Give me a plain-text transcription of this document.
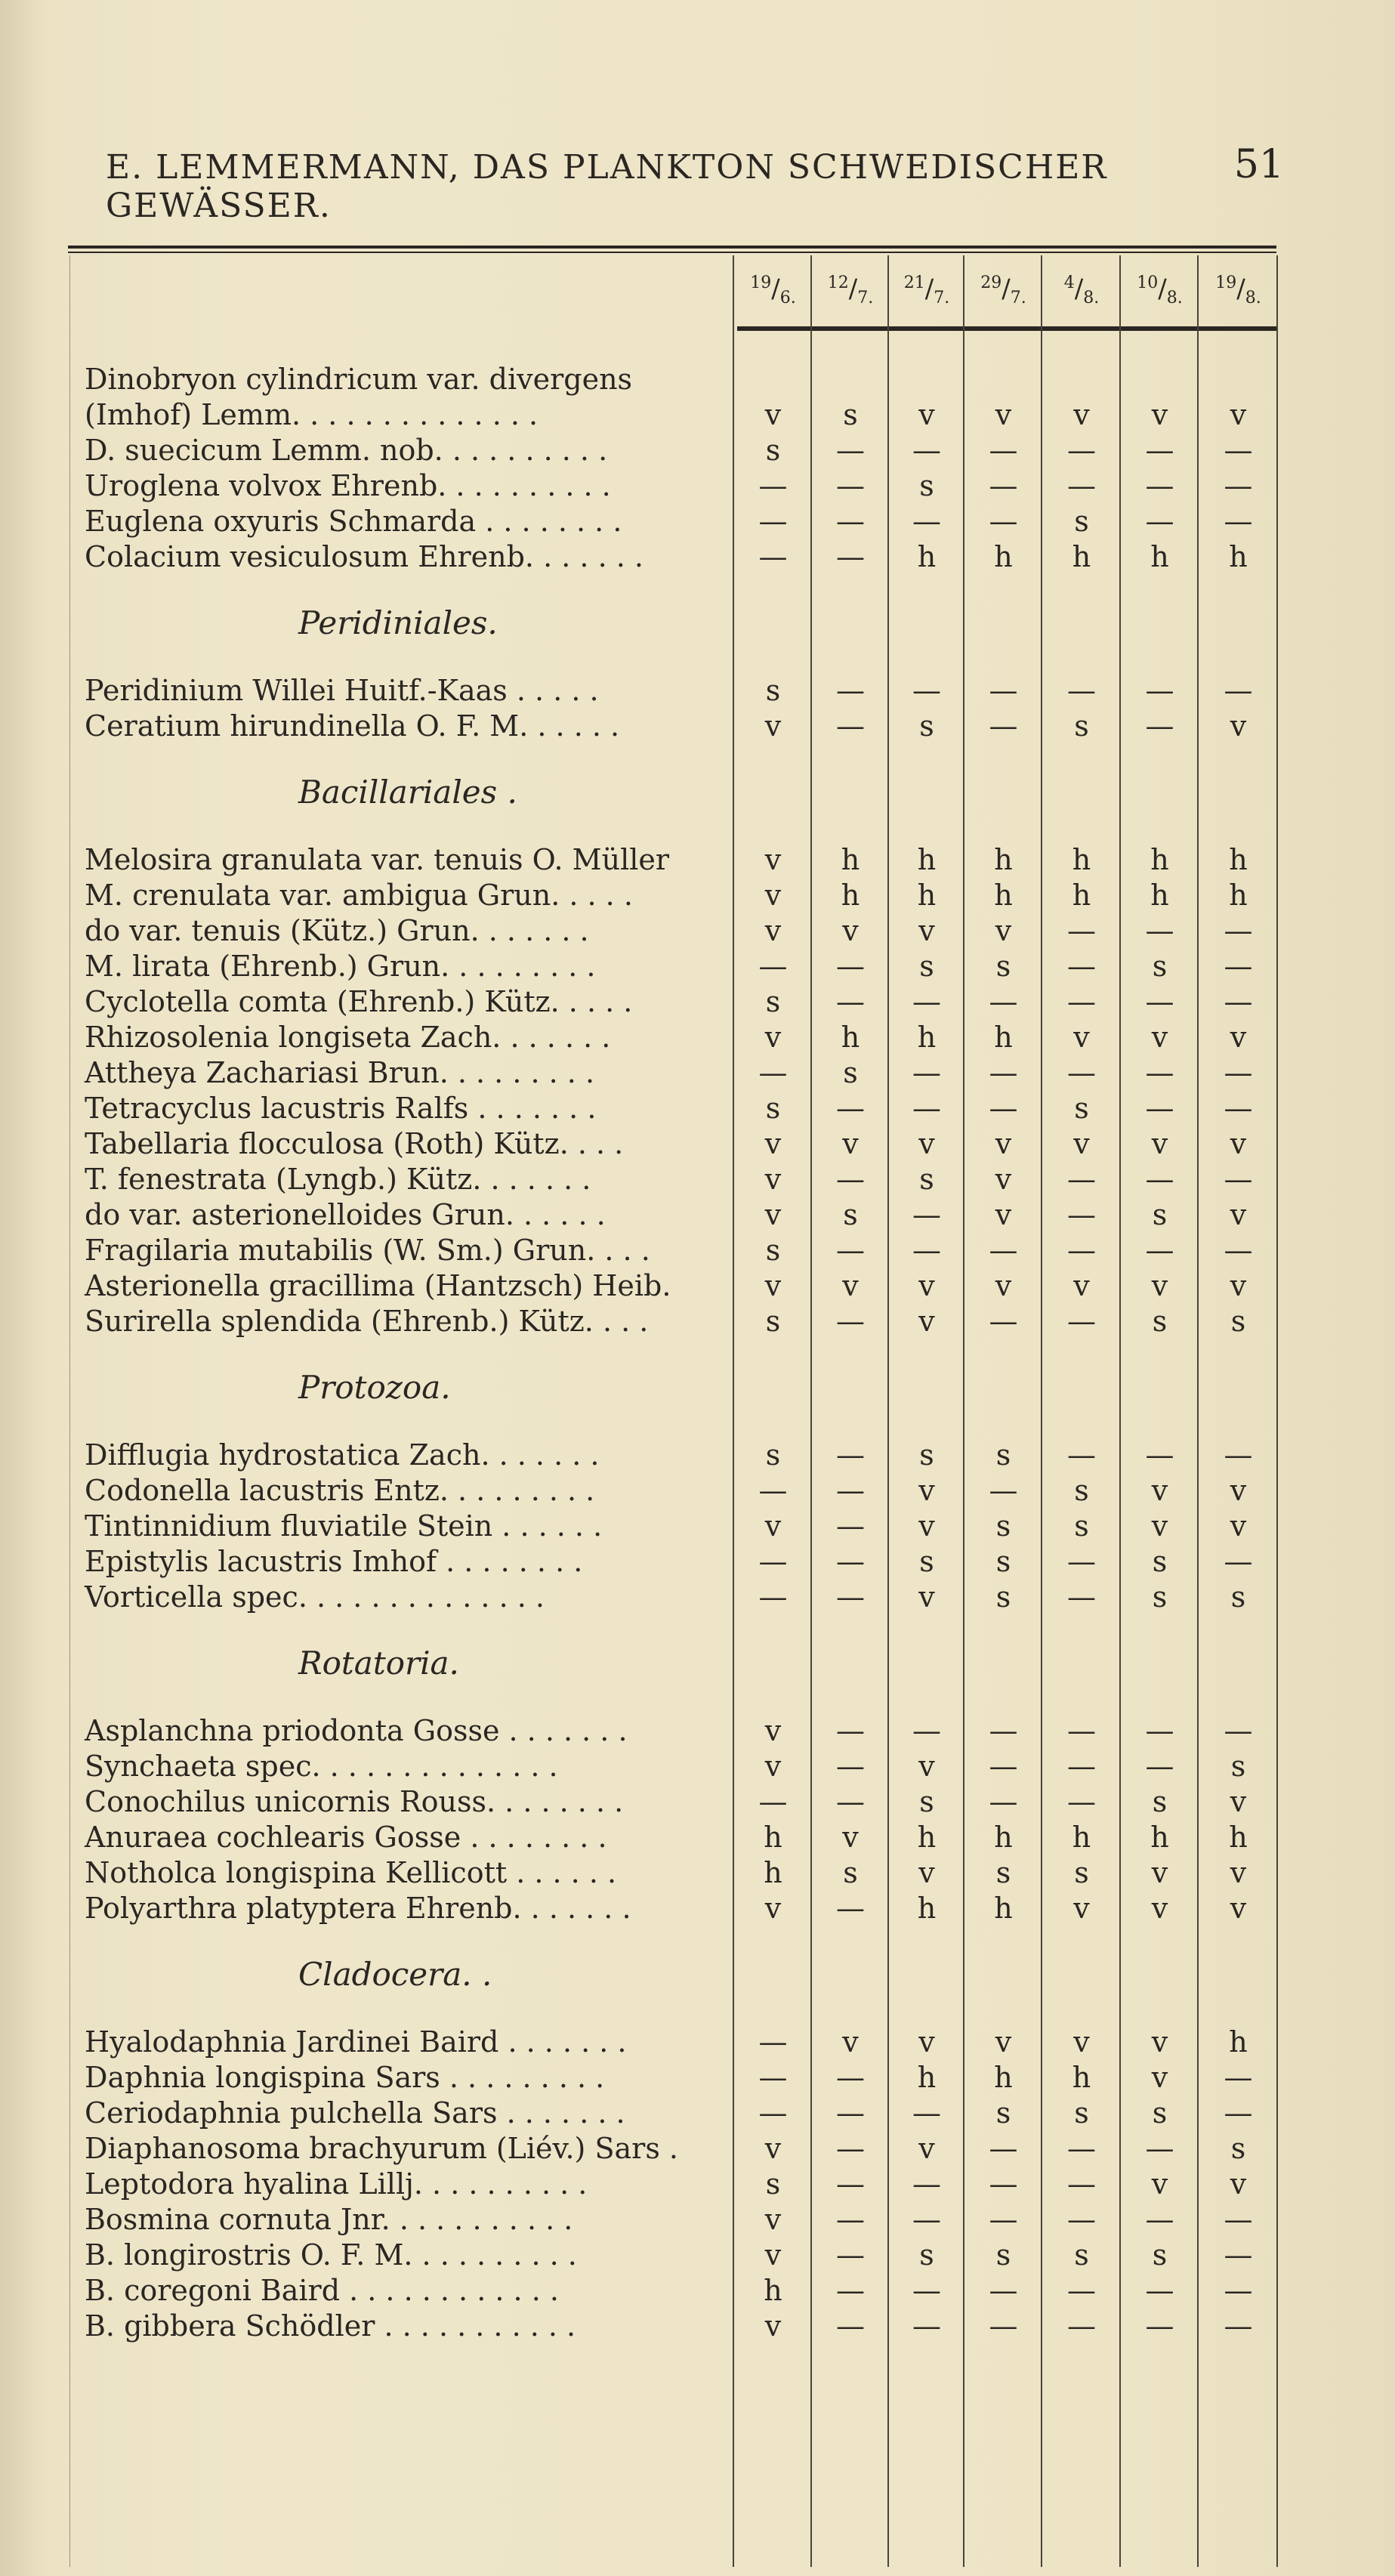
E. LEMMERMANN, DAS PLANKTON SCHWEDISCHER GEWÄSSER.
51
$^{19}/_{6.}$
$^{12}/_{7.}$
$^{21}/_{7.}$
$^{29}/_{7.}$
$^4/_{8.}$
$^{10}/_{8.}$
$^{19}/_{8.}$
Dinobryon cylindricum var. divergens
(Imhof) Lemm. . . . . . . . . . . . . .	v	s	v	v	v	v	v
D. suecicum Lemm. nob. . . . . . . . . .	s	—	—	—	—	—	—
Uroglena volvox Ehrenb. . . . . . . . . .	—	—	s	—	—	—	—
Euglena oxyuris Schmarda . . . . . . . .	—	—	—	—	s	—	—
Colacium vesiculosum Ehrenb. . . . . . .	—	—	h	h	h	h	h
Peridiniales.
Peridinium Willei Huitf.-Kaas . . . . .	s	—	—	—	—	—	—
Ceratium hirundinella O. F. M. . . . . .	v	—	s	—	s	—	v
Bacillariales .
Melosira granulata var. tenuis O. Müller	v	h	h	h	h	h	h
M. crenulata var. ambigua Grun. . . . .	v	h	h	h	h	h	h
do var. tenuis (Kütz.) Grun. . . . . . .	v	v	v	v	—	—	—
M. lirata (Ehrenb.) Grun. . . . . . . . .	—	—	s	s	—	s	—
Cyclotella comta (Ehrenb.) Kütz. . . . .	s	—	—	—	—	—	—
Rhizosolenia longiseta Zach. . . . . . .	v	h	h	h	v	v	v
Attheya Zachariasi Brun. . . . . . . . .	—	s	—	—	—	—	—
Tetracyclus lacustris Ralfs . . . . . . .	s	—	—	—	s	—	—
Tabellaria flocculosa (Roth) Kütz. . . .	v	v	v	v	v	v	v
T. fenestrata (Lyngb.) Kütz. . . . . . .	v	—	s	v	—	—	—
do var. asterionelloides Grun. . . . . .	v	s	—	v	—	s	v
Fragilaria mutabilis (W. Sm.) Grun. . . .	s	—	—	—	—	—	—
Asterionella gracillima (Hantzsch) Heib.	v	v	v	v	v	v	v
Surirella splendida (Ehrenb.) Kütz. . . .	s	—	v	—	—	s	s
Protozoa.
Difflugia hydrostatica Zach. . . . . . .	s	—	s	s	—	—	—
Codonella lacustris Entz. . . . . . . . .	—	—	v	—	s	v	v
Tintinnidium fluviatile Stein . . . . . .	v	—	v	s	s	v	v
Epistylis lacustris Imhof . . . . . . . .	—	—	s	s	—	s	—
Vorticella spec. . . . . . . . . . . . . .	—	—	v	s	—	s	s
Rotatoria.
Asplanchna priodonta Gosse . . . . . . .	v	—	—	—	—	—	—
Synchaeta spec. . . . . . . . . . . . . .	v	—	v	—	—	—	s
Conochilus unicornis Rouss. . . . . . . .	—	—	s	—	—	s	v
Anuraea cochlearis Gosse . . . . . . . .	h	v	h	h	h	h	h
Notholca longispina Kellicott . . . . . .	h	s	v	s	s	v	v
Polyarthra platyptera Ehrenb. . . . . . .	v	—	h	h	v	v	v
Cladocera. .
Hyalodaphnia Jardinei Baird . . . . . . .	—	v	v	v	v	v	h
Daphnia longispina Sars . . . . . . . . .	—	—	h	h	h	v	—
Ceriodaphnia pulchella Sars . . . . . . .	—	—	—	s	s	s	—
Diaphanosoma brachyurum (Liév.) Sars .	v	—	v	—	—	—	s
Leptodora hyalina Lillj. . . . . . . . . .	s	—	—	—	—	v	v
Bosmina cornuta Jnr. . . . . . . . . . .	v	—	—	—	—	—	—
B. longirostris O. F. M. . . . . . . . . .	v	—	s	s	s	s	—
B. coregoni Baird . . . . . . . . . . . .	h	—	—	—	—	—	—
B. gibbera Schödler . . . . . . . . . . .	v	—	—	—	—	—	—
